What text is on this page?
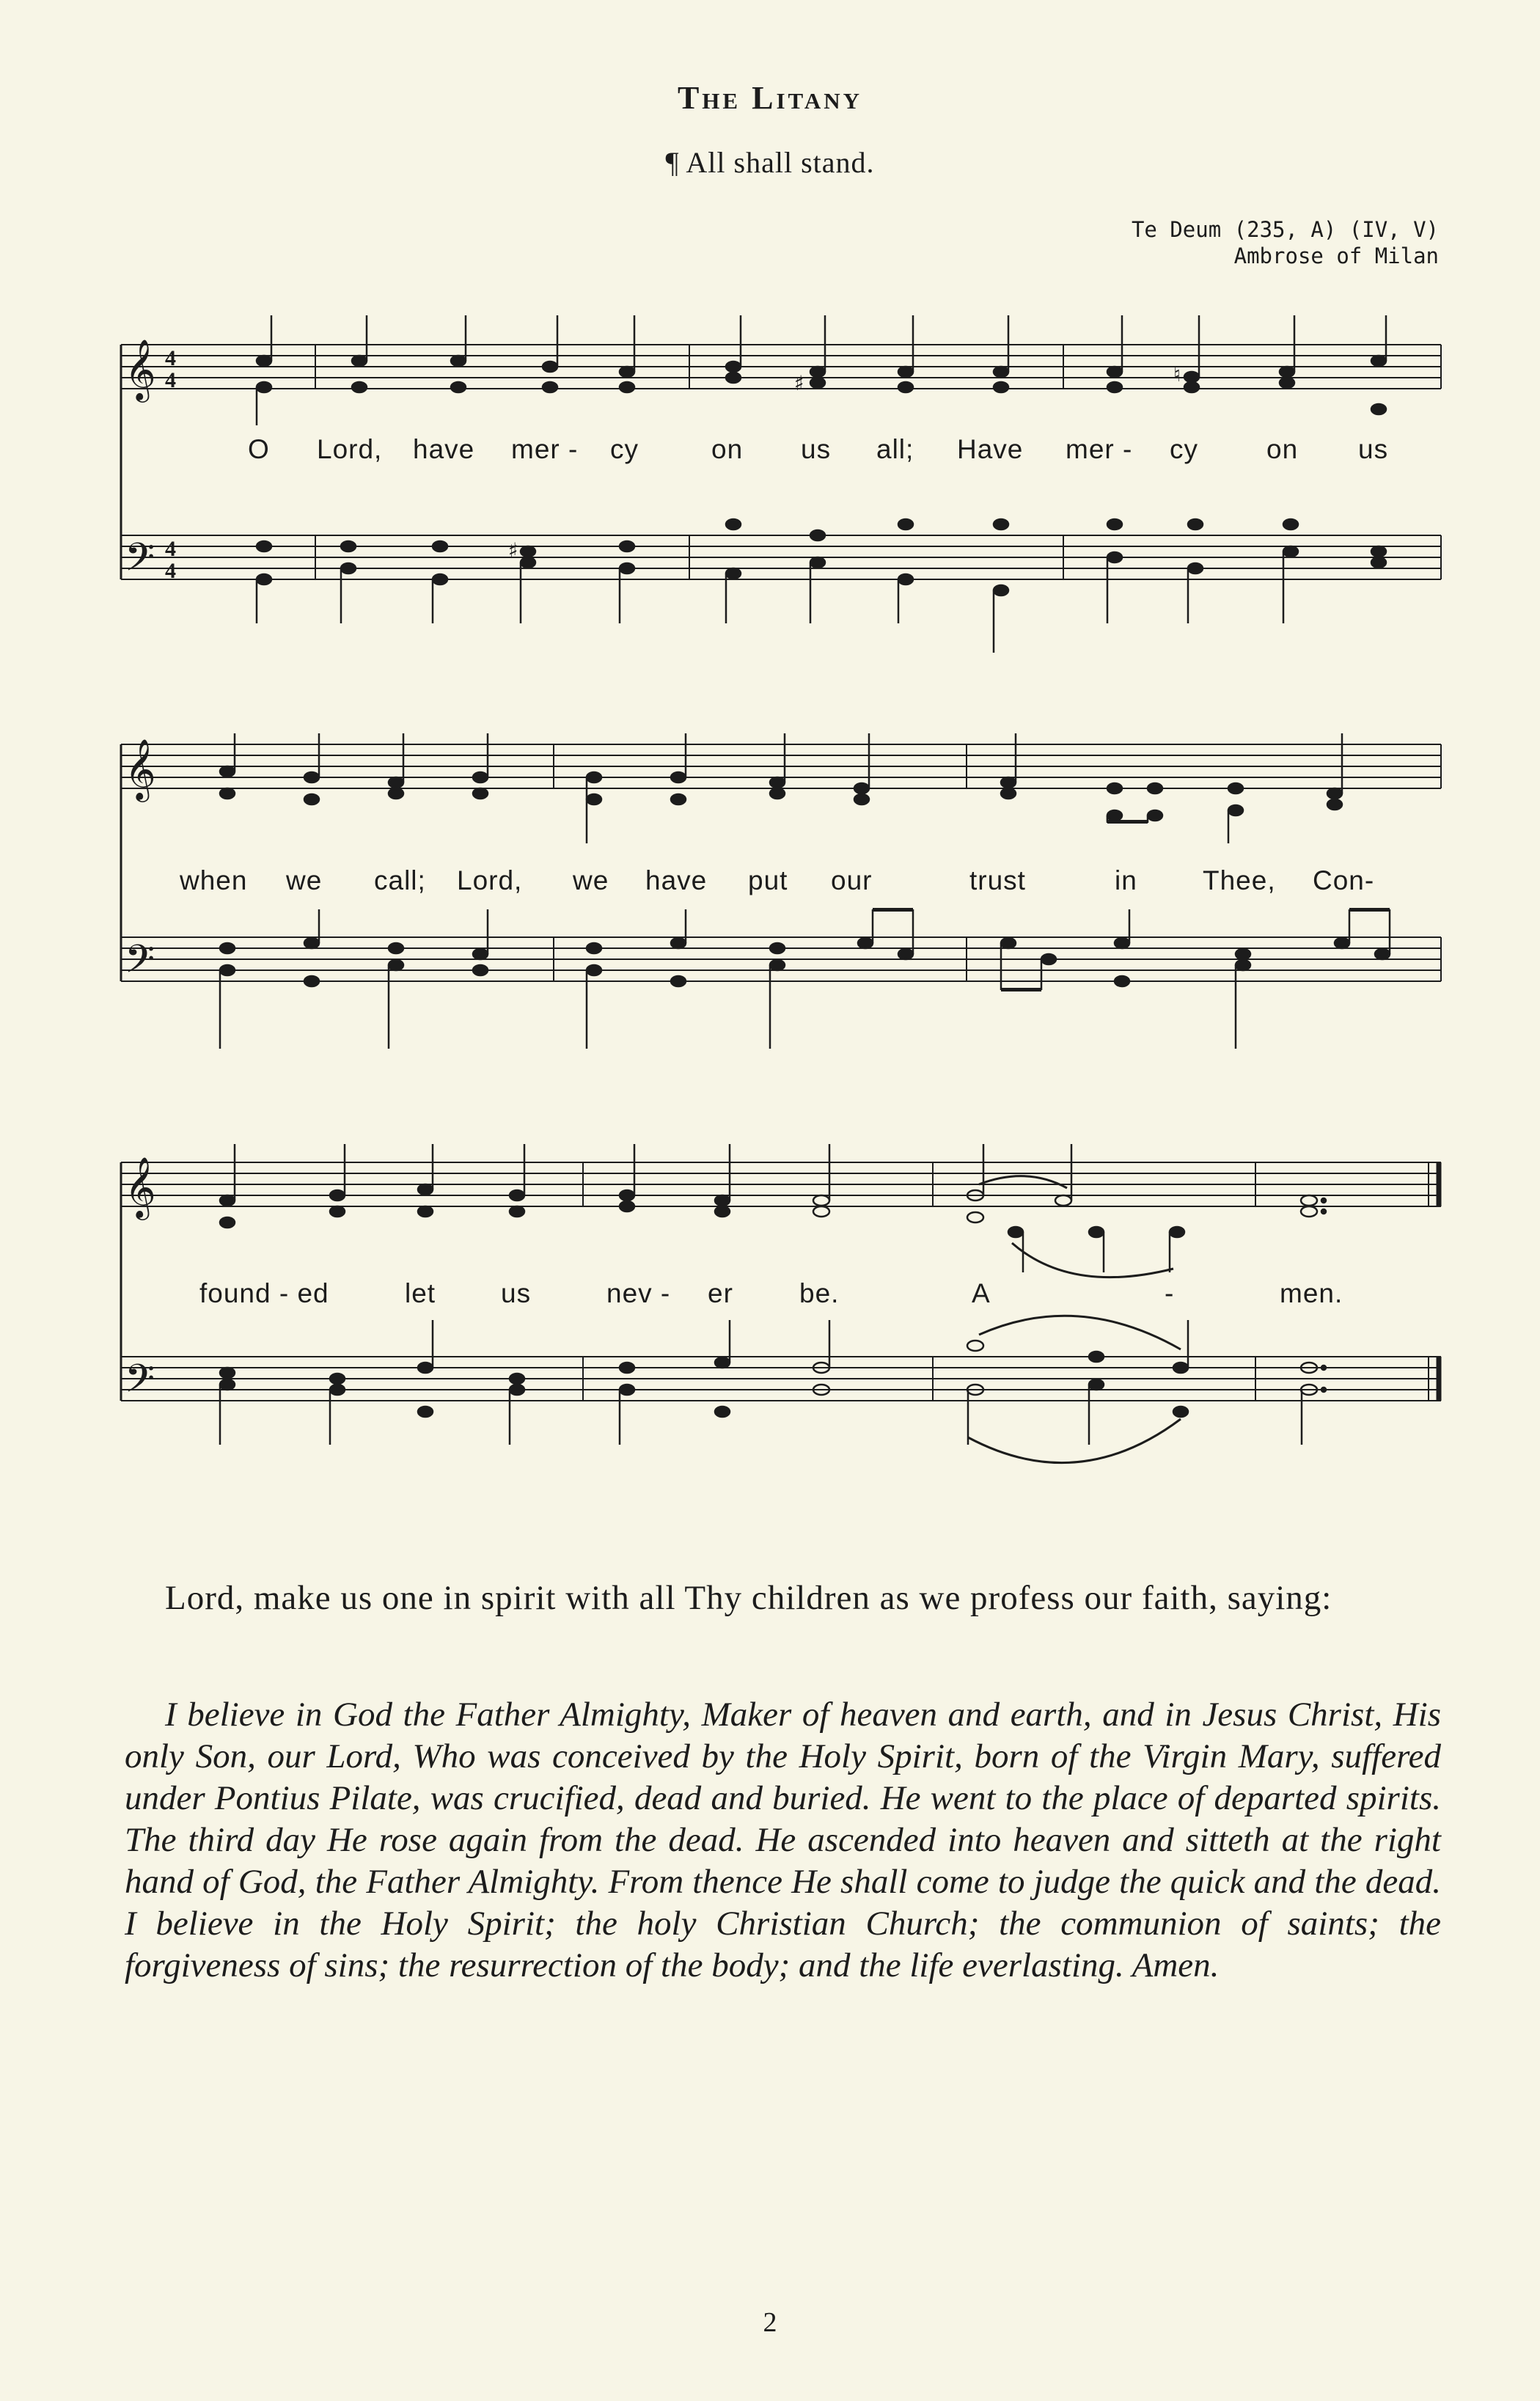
The Litany
¶ All shall stand.
Te Deum (235, A) (IV, V)
Ambrose of Milan
𝄞
𝄢
4
4
4
4
♯	♮
♯
O Lord, have mer - cy	on us all; Have mer - cy	on us
𝄞
𝄢
when we call; Lord, we have put our	trust	in Thee, Con-
𝄞
𝄢
found - ed	let us	nev - er be.	A	-	men.
Lord, make us one in spirit with all Thy children as we profess our faith, saying:
I believe in God the Father Almighty, Maker of heaven and earth, and in Jesus Christ, His only Son, our Lord, Who was conceived by the Holy Spirit, born of the Virgin Mary, suffered under Pontius Pilate, was crucified, dead and buried. He went to the place of departed spirits. The third day He rose again from the dead. He ascended into heaven and sitteth at the right hand of God, the Father Almighty. From thence He shall come to judge the quick and the dead. I believe in the Holy Spirit; the holy Christian Church; the communion of saints; the forgiveness of sins; the resurrection of the body; and the life everlasting. Amen.
2
